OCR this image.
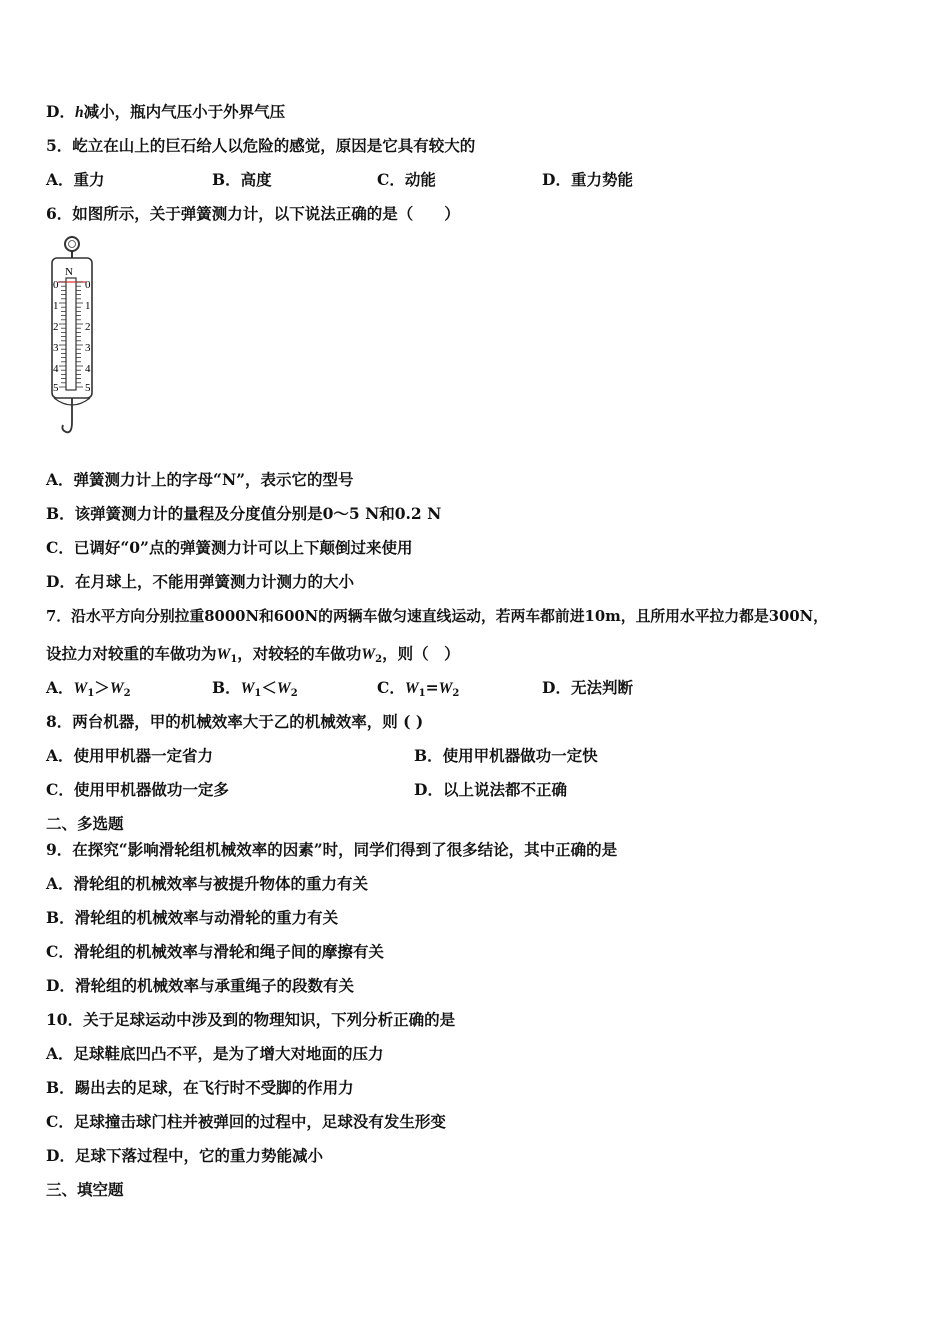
D．h减小，瓶内气压小于外界气压
5．屹立在山上的巨石给人以危险的感觉，原因是它具有较大的
A．重力	B．高度	C．动能	D．重力势能
6．如图所示，关于弹簧测力计，以下说法正确的是（　　）
N
0
1
2
3
4
5
0
1
2
3
4
5
A．弹簧测力计上的字母“N”，表示它的型号
B．该弹簧测力计的量程及分度值分别是0～5 N和0.2 N
C．已调好“0”点的弹簧测力计可以上下颠倒过来使用
D．在月球上，不能用弹簧测力计测力的大小
7．沿水平方向分别拉重8000N和600N的两辆车做匀速直线运动，若两车都前进10m，且所用水平拉力都是300N，
设拉力对较重的车做功为$W_1$，对较轻的车做功$W_2$，则（　）
A．$W_1>W_2$	B．$W_1<W_2$	C．$W_1=W_2$	D．无法判断
8．两台机器，甲的机械效率大于乙的机械效率，则 ( )
A．使用甲机器一定省力	B．使用甲机器做功一定快
C．使用甲机器做功一定多	D．以上说法都不正确
二、多选题
9．在探究“影响滑轮组机械效率的因素”时，同学们得到了很多结论，其中正确的是
A．滑轮组的机械效率与被提升物体的重力有关
B．滑轮组的机械效率与动滑轮的重力有关
C．滑轮组的机械效率与滑轮和绳子间的摩擦有关
D．滑轮组的机械效率与承重绳子的段数有关
10．关于足球运动中涉及到的物理知识，下列分析正确的是
A．足球鞋底凹凸不平，是为了增大对地面的压力
B．踢出去的足球，在飞行时不受脚的作用力
C．足球撞击球门柱并被弹回的过程中，足球没有发生形变
D．足球下落过程中，它的重力势能减小
三、填空题
